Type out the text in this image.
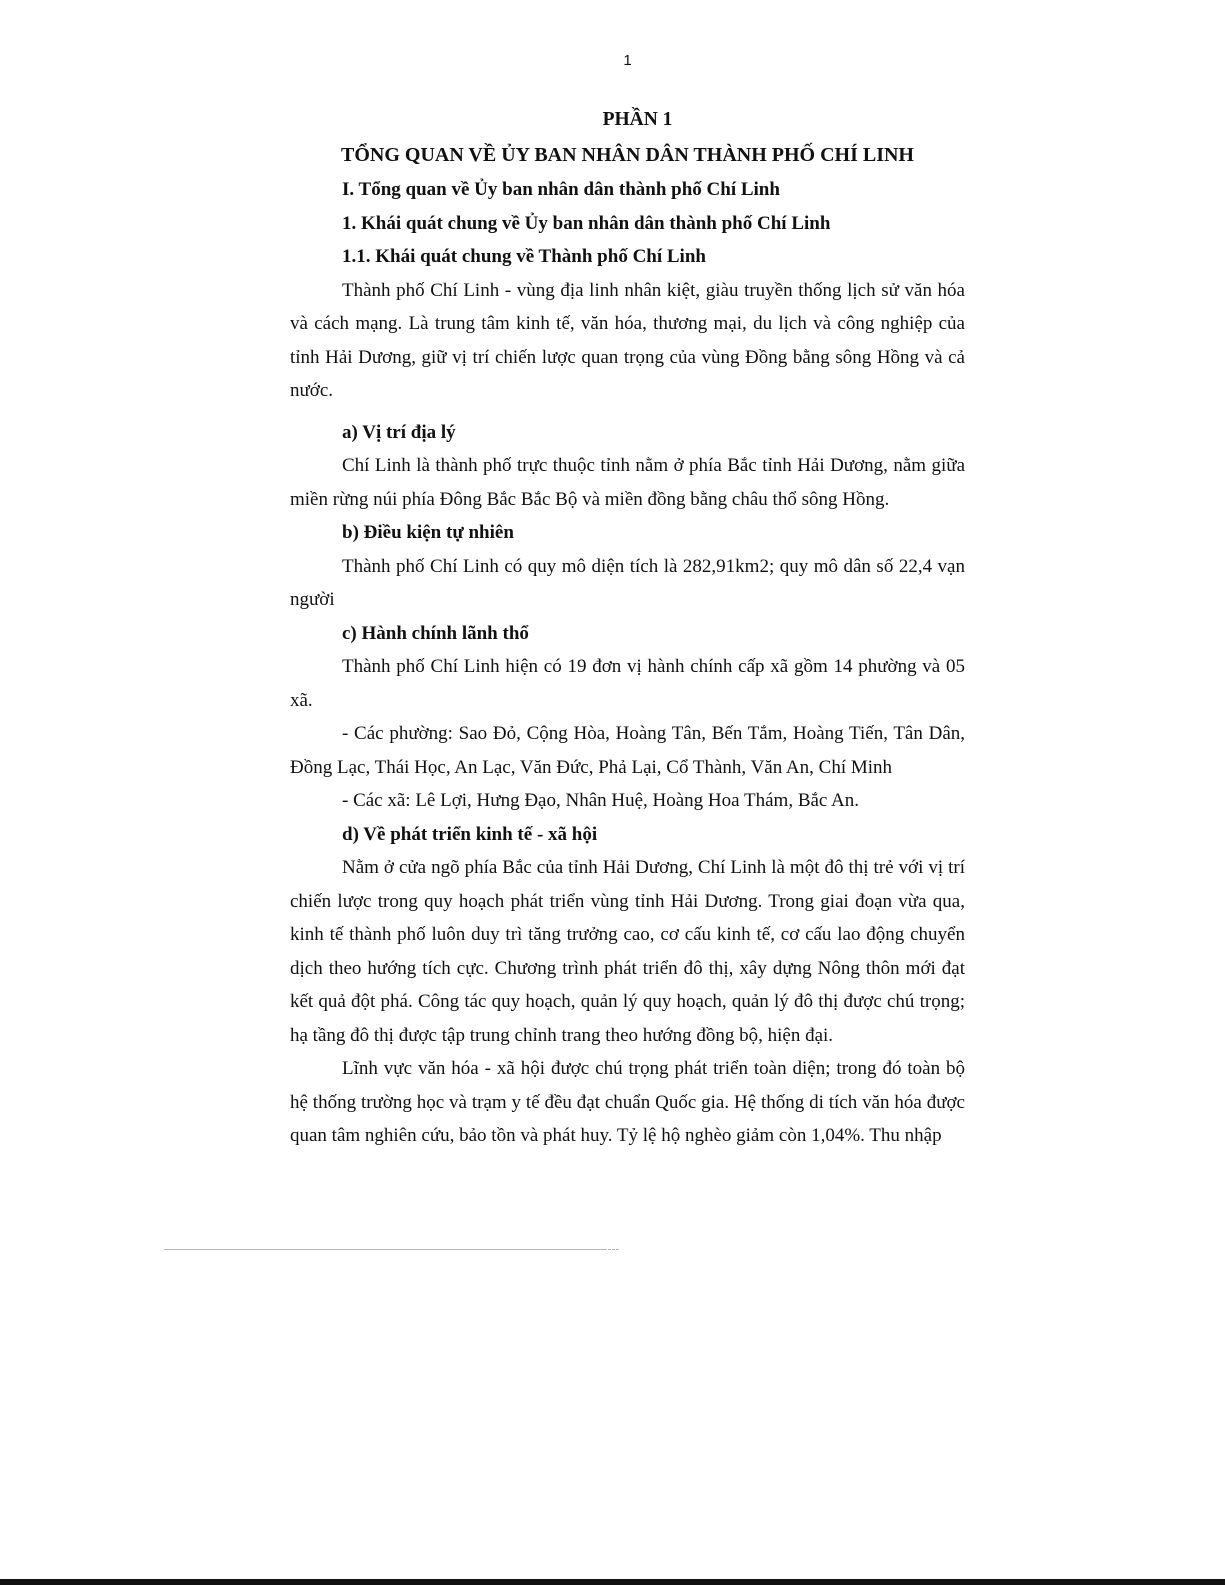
1

PHẦN 1

TỔNG QUAN VỀ ỦY BAN NHÂN DÂN THÀNH PHỐ CHÍ LINH

I. Tổng quan về Ủy ban nhân dân thành phố Chí Linh

1. Khái quát chung về Ủy ban nhân dân thành phố Chí Linh

1.1. Khái quát chung về Thành phố Chí Linh

Thành phố Chí Linh - vùng địa linh nhân kiệt, giàu truyền thống lịch sử văn hóa và cách mạng. Là trung tâm kinh tế, văn hóa, thương mại, du lịch và công nghiệp của tỉnh Hải Dương, giữ vị trí chiến lược quan trọng của vùng Đồng bằng sông Hồng và cả nước.

a) Vị trí địa lý

Chí Linh là thành phố trực thuộc tỉnh nằm ở phía Bắc tỉnh Hải Dương, nằm giữa miền rừng núi phía Đông Bắc Bắc Bộ và miền đồng bằng châu thổ sông Hồng.

b) Điều kiện tự nhiên

Thành phố Chí Linh có quy mô diện tích là 282,91km2; quy mô dân số 22,4 vạn người

c) Hành chính lãnh thổ

Thành phố Chí Linh hiện có 19 đơn vị hành chính cấp xã gồm 14 phường và 05 xã.

- Các phường: Sao Đỏ, Cộng Hòa, Hoàng Tân, Bến Tắm, Hoàng Tiến, Tân Dân, Đồng Lạc, Thái Học, An Lạc, Văn Đức, Phả Lại, Cổ Thành, Văn An, Chí Minh

- Các xã: Lê Lợi, Hưng Đạo, Nhân Huệ, Hoàng Hoa Thám, Bắc An.

d) Về phát triển kinh tế - xã hội

Nằm ở cửa ngõ phía Bắc của tỉnh Hải Dương, Chí Linh là một đô thị trẻ với vị trí chiến lược trong quy hoạch phát triển vùng tỉnh Hải Dương. Trong giai đoạn vừa qua, kinh tế thành phố luôn duy trì tăng trưởng cao, cơ cấu kinh tế, cơ cấu lao động chuyển dịch theo hướng tích cực. Chương trình phát triển đô thị, xây dựng Nông thôn mới đạt kết quả đột phá. Công tác quy hoạch, quản lý quy hoạch, quản lý đô thị được chú trọng; hạ tầng đô thị được tập trung chỉnh trang theo hướng đồng bộ, hiện đại.

Lĩnh vực văn hóa - xã hội được chú trọng phát triển toàn diện; trong đó toàn bộ hệ thống trường học và trạm y tế đều đạt chuẩn Quốc gia. Hệ thống di tích văn hóa được quan tâm nghiên cứu, bảo tồn và phát huy. Tỷ lệ hộ nghèo giảm còn 1,04%. Thu nhập
